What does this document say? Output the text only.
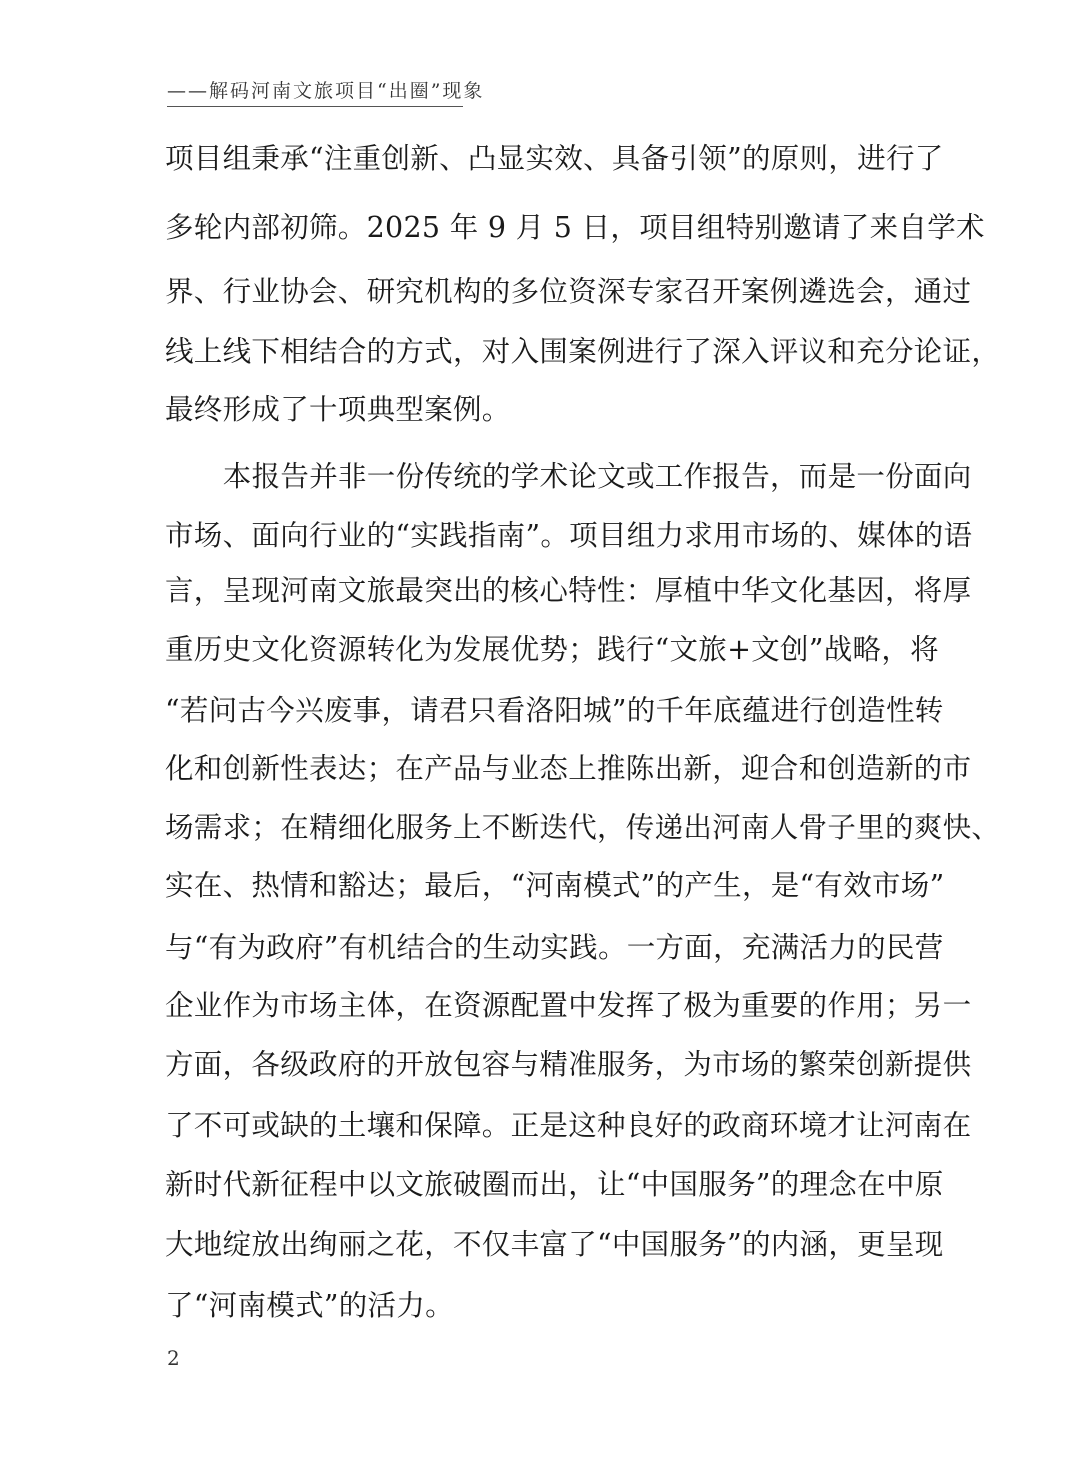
——解码河南文旅项目“出圈”现象
项目组秉承“注重创新、凸显实效、具备引领”的原则，进行了
多轮内部初筛。2025 年 9 月 5 日，项目组特别邀请了来自学术
界、行业协会、研究机构的多位资深专家召开案例遴选会，通过
线上线下相结合的方式，对入围案例进行了深入评议和充分论证，
最终形成了十项典型案例。
　本报告并非一份传统的学术论文或工作报告，而是一份面向
市场、面向行业的“实践指南”。项目组力求用市场的、媒体的语
言，呈现河南文旅最突出的核心特性：厚植中华文化基因，将厚
重历史文化资源转化为发展优势；践行“文旅+文创”战略，将
“若问古今兴废事，请君只看洛阳城”的千年底蕴进行创造性转
化和创新性表达；在产品与业态上推陈出新，迎合和创造新的市
场需求；在精细化服务上不断迭代，传递出河南人骨子里的爽快、
实在、热情和豁达；最后，“河南模式”的产生，是“有效市场”
与“有为政府”有机结合的生动实践。一方面，充满活力的民营
企业作为市场主体，在资源配置中发挥了极为重要的作用；另一
方面，各级政府的开放包容与精准服务，为市场的繁荣创新提供
了不可或缺的土壤和保障。正是这种良好的政商环境才让河南在
新时代新征程中以文旅破圈而出，让“中国服务”的理念在中原
大地绽放出绚丽之花，不仅丰富了“中国服务”的内涵，更呈现
了“河南模式”的活力。
2
